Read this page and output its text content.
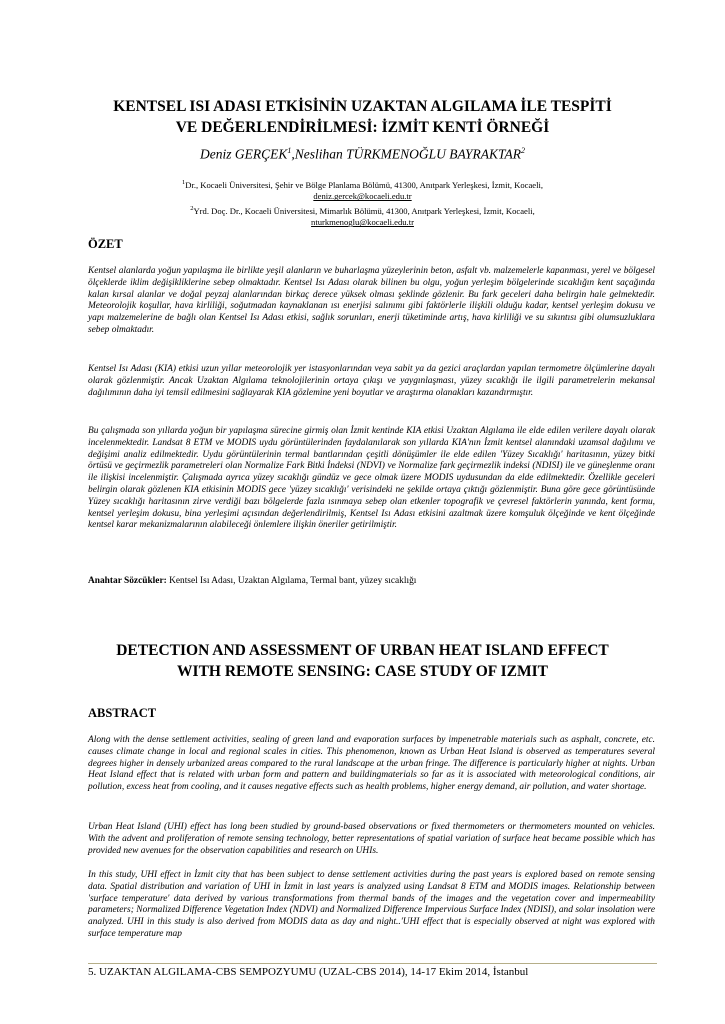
KENTSEL ISI ADASI ETKİSİNİN UZAKTAN ALGILAMA İLE TESPİTİ
VE DEĞERLENDİRİLMESİ: İZMİT KENTİ ÖRNEĞİ
Deniz GERÇEK$^1$,Neslihan TÜRKMENOĞLU BAYRAKTAR$^2$
$^1$Dr., Kocaeli Üniversitesi, Şehir ve Bölge Planlama Bölümü, 41300, Anıtpark Yerleşkesi, İzmit, Kocaeli,
deniz.gercek@kocaeli.edu.tr
$^2$Yrd. Doç. Dr., Kocaeli Üniversitesi, Mimarlık Bölümü, 41300, Anıtpark Yerleşkesi, İzmit, Kocaeli,
nturkmenoglu@kocaeli.edu.tr
ÖZET
Kentsel alanlarda yoğun yapılaşma ile birlikte yeşil alanların ve buharlaşma yüzeylerinin beton, asfalt vb. malzemelerle kapanması, yerel ve bölgesel ölçeklerde iklim değişikliklerine sebep olmaktadır. Kentsel Isı Adası olarak bilinen bu olgu, yoğun yerleşim bölgelerinde sıcaklığın kent saçağında kalan kırsal alanlar ve doğal peyzaj alanlarından birkaç derece yüksek olması şeklinde gözlenir. Bu fark geceleri daha belirgin hale gelmektedir. Meteorolojik koşullar, hava kirliliği, soğutmadan kaynaklanan ısı enerjisi salınımı gibi faktörlerle ilişkili olduğu kadar, kentsel yerleşim dokusu ve yapı malzemelerine de bağlı olan Kentsel Isı Adası etkisi, sağlık sorunları, enerji tüketiminde artış, hava kirliliği ve su sıkıntısı gibi olumsuzluklara sebep olmaktadır.
Kentsel Isı Adası (KIA) etkisi uzun yıllar meteorolojik yer istasyonlarından veya sabit ya da gezici araçlardan yapılan termometre ölçümlerine dayalı olarak gözlenmiştir. Ancak Uzaktan Algılama teknolojilerinin ortaya çıkışı ve yaygınlaşması, yüzey sıcaklığı ile ilgili parametrelerin mekansal dağılımının daha iyi temsil edilmesini sağlayarak KIA gözlemine yeni boyutlar ve araştırma olanakları kazandırmıştır.
Bu çalışmada son yıllarda yoğun bir yapılaşma sürecine girmiş olan İzmit kentinde KIA etkisi Uzaktan Algılama ile elde edilen verilere dayalı olarak incelenmektedir. Landsat 8 ETM ve MODIS uydu görüntülerinden faydalanılarak son yıllarda KIA'nın İzmit kentsel alanındaki uzamsal dağılımı ve değişimi analiz edilmektedir. Uydu görüntülerinin termal bantlarından çeşitli dönüşümler ile elde edilen 'Yüzey Sıcaklığı' haritasının, yüzey bitki örtüsü ve geçirmezlik parametreleri olan Normalize Fark Bitki İndeksi (NDVI) ve Normalize fark geçirmezlik indeksi (NDISI) ile ve güneşlenme oranı ile ilişkisi incelenmiştir. Çalışmada ayrıca yüzey sıcaklığı gündüz ve gece olmak üzere MODIS uydusundan da elde edilmektedir. Özellikle geceleri belirgin olarak gözlenen KIA etkisinin MODIS gece 'yüzey sıcaklığı' verisindeki ne şekilde ortaya çıktığı gözlenmiştir. Buna göre gece görüntüsünde Yüzey sıcaklığı haritasının zirve verdiği bazı bölgelerde fazla ısınmaya sebep olan etkenler topografik ve çevresel faktörlerin yanında, kent formu, kentsel yerleşim dokusu, bina yerleşimi açısından değerlendirilmiş, Kentsel Isı Adası etkisini azaltmak üzere komşuluk ölçeğinde ve kent ölçeğinde kentsel karar mekanizmalarının alabileceği önlemlere ilişkin öneriler getirilmiştir.
Anahtar Sözcükler: Kentsel Isı Adası, Uzaktan Algılama, Termal bant, yüzey sıcaklığı
DETECTION AND ASSESSMENT OF URBAN HEAT ISLAND EFFECT
WITH REMOTE SENSING: CASE STUDY OF IZMIT
ABSTRACT
Along with the dense settlement activities, sealing of green land and evaporation surfaces by impenetrable materials such as asphalt, concrete, etc. causes climate change in local and regional scales in cities. This phenomenon, known as Urban Heat Island is observed as temperatures several degrees higher in densely urbanized areas compared to the rural landscape at the urban fringe. The difference is particularly higher at nights. Urban Heat Island effect that is related with urban form and pattern and buildingmaterials so far as it is associated with meteorological conditions, air pollution, excess heat from cooling, and it causes negative effects such as health problems, higher energy demand, air pollution, and water shortage.
Urban Heat Island (UHI) effect has long been studied by ground-based observations or fixed thermometers or thermometers mounted on vehicles. With the advent and proliferation of remote sensing technology, better representations of spatial variation of surface heat became possible which has provided new avenues for the observation capabilities and research on UHIs.
In this study, UHI effect in İzmit city that has been subject to dense settlement activities during the past years is explored based on remote sensing data. Spatial distribution and variation of UHI in İzmit in last years is analyzed using Landsat 8 ETM and MODIS images. Relationship between 'surface temperature' data derived by various transformations from thermal bands of the images and the vegetation cover and impermeability parameters; Normalized Difference Vegetation Index (NDVI) and Normalized Difference Impervious Surface Index (NDISI), and solar insolation were analyzed. UHI in this study is also derived from MODIS data as day and night..'UHI effect that is especially observed at night was explored with surface temperature map
5. UZAKTAN ALGILAMA-CBS SEMPOZYUMU (UZAL-CBS 2014), 14-17 Ekim 2014, İstanbul
